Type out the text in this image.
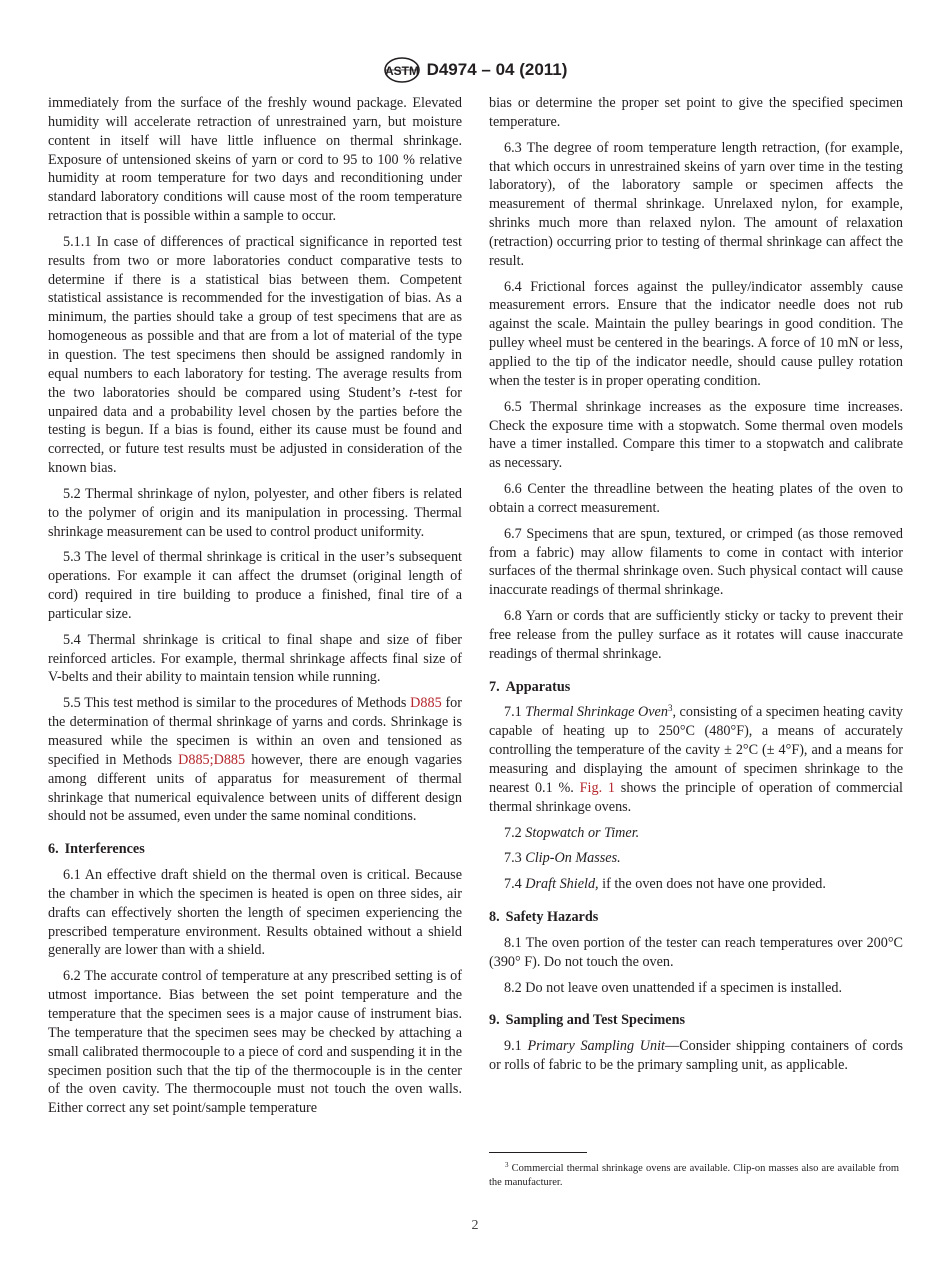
ASTM D4974 – 04 (2011)

immediately from the surface of the freshly wound package. Elevated humidity will accelerate retraction of unrestrained yarn, but moisture content in itself will have little influence on thermal shrinkage. Exposure of untensioned skeins of yarn or cord to 95 to 100 % relative humidity at room temperature for two days and reconditioning under standard laboratory conditions will cause most of the room temperature retraction that is possible within a sample to occur.

5.1.1 In case of differences of practical significance in reported test results from two or more laboratories conduct comparative tests to determine if there is a statistical bias between them. Competent statistical assistance is recommended for the investigation of bias. As a minimum, the parties should take a group of test specimens that are as homogeneous as possible and that are from a lot of material of the type in question. The test specimens then should be assigned randomly in equal numbers to each laboratory for testing. The average results from the two laboratories should be compared using Student’s t-test for unpaired data and a probability level chosen by the parties before the testing is begun. If a bias is found, either its cause must be found and corrected, or future test results must be adjusted in consideration of the known bias.

5.2 Thermal shrinkage of nylon, polyester, and other fibers is related to the polymer of origin and its manipulation in processing. Thermal shrinkage measurement can be used to control product uniformity.

5.3 The level of thermal shrinkage is critical in the user’s subsequent operations. For example it can affect the drumset (original length of cord) required in tire building to produce a finished, final tire of a particular size.

5.4 Thermal shrinkage is critical to final shape and size of fiber reinforced articles. For example, thermal shrinkage affects final size of V-belts and their ability to maintain tension while running.

5.5 This test method is similar to the procedures of Methods D885 for the determination of thermal shrinkage of yarns and cords. Shrinkage is measured while the specimen is within an oven and tensioned as specified in Methods D885;D885 however, there are enough vagaries among different units of apparatus for measurement of thermal shrinkage that numerical equivalence between units of different design should not be assumed, even under the same nominal conditions.

6. Interferences

6.1 An effective draft shield on the thermal oven is critical. Because the chamber in which the specimen is heated is open on three sides, air drafts can effectively shorten the length of specimen experiencing the prescribed temperature environment. Results obtained without a shield generally are lower than with a shield.

6.2 The accurate control of temperature at any prescribed setting is of utmost importance. Bias between the set point temperature and the temperature that the specimen sees is a major cause of instrument bias. The temperature that the specimen sees may be checked by attaching a small calibrated thermocouple to a piece of cord and suspending it in the specimen position such that the tip of the thermocouple is in the center of the oven cavity. The thermocouple must not touch the oven walls. Either correct any set point/sample temperature

bias or determine the proper set point to give the specified specimen temperature.

6.3 The degree of room temperature length retraction, (for example, that which occurs in unrestrained skeins of yarn over time in the testing laboratory), of the laboratory sample or specimen affects the measurement of thermal shrinkage. Unrelaxed nylon, for example, shrinks much more than relaxed nylon. The amount of relaxation (retraction) occurring prior to testing of thermal shrinkage can affect the result.

6.4 Frictional forces against the pulley/indicator assembly cause measurement errors. Ensure that the indicator needle does not rub against the scale. Maintain the pulley bearings in good condition. The pulley wheel must be centered in the bearings. A force of 10 mN or less, applied to the tip of the indicator needle, should cause pulley rotation when the tester is in proper operating condition.

6.5 Thermal shrinkage increases as the exposure time increases. Check the exposure time with a stopwatch. Some thermal oven models have a timer installed. Compare this timer to a stopwatch and calibrate as necessary.

6.6 Center the threadline between the heating plates of the oven to obtain a correct measurement.

6.7 Specimens that are spun, textured, or crimped (as those removed from a fabric) may allow filaments to come in contact with interior surfaces of the thermal shrinkage oven. Such physical contact will cause inaccurate readings of thermal shrinkage.

6.8 Yarn or cords that are sufficiently sticky or tacky to prevent their free release from the pulley surface as it rotates will cause inaccurate readings of thermal shrinkage.

7. Apparatus

7.1 Thermal Shrinkage Oven$^3$, consisting of a specimen heating cavity capable of heating up to 250°C (480°F), a means of accurately controlling the temperature of the cavity ± 2°C (± 4°F), and a means for measuring and displaying the amount of specimen shrinkage to the nearest 0.1 %. Fig. 1 shows the principle of operation of commercial thermal shrinkage ovens.

7.2 Stopwatch or Timer.

7.3 Clip-On Masses.

7.4 Draft Shield, if the oven does not have one provided.

8. Safety Hazards

8.1 The oven portion of the tester can reach temperatures over 200°C (390° F). Do not touch the oven.

8.2 Do not leave oven unattended if a specimen is installed.

9. Sampling and Test Specimens

9.1 Primary Sampling Unit—Consider shipping containers of cords or rolls of fabric to be the primary sampling unit, as applicable.

$^3$ Commercial thermal shrinkage ovens are available. Clip-on masses also are available from the manufacturer.
2
